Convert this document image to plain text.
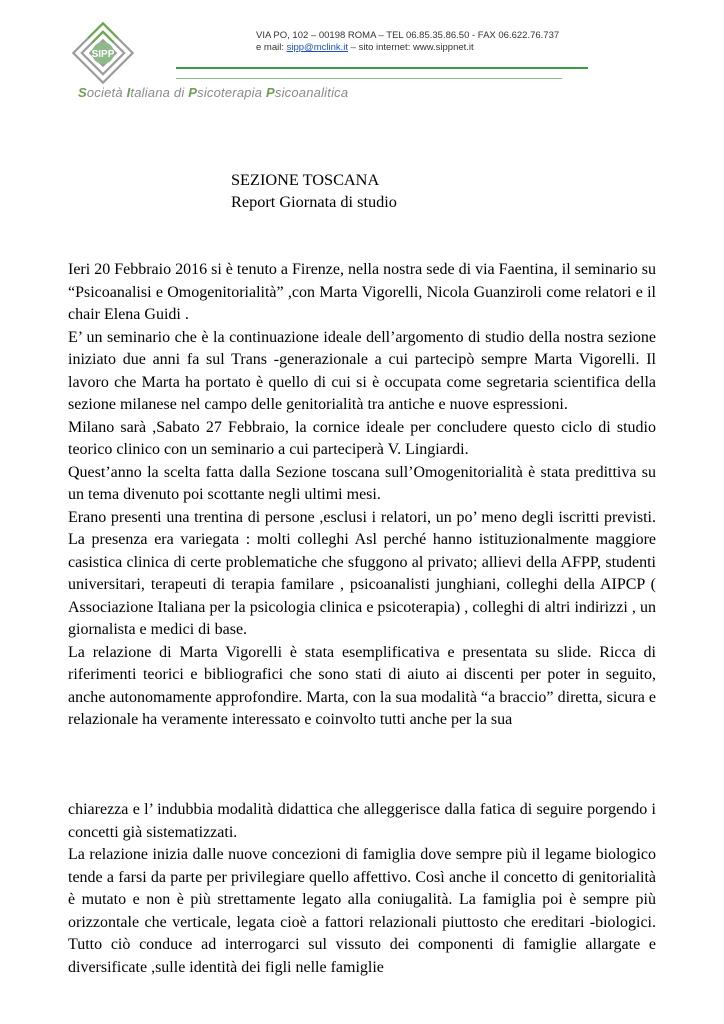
SIPP
VIA PO, 102 – 00198 ROMA – TEL 06.85.35.86.50 - FAX 06.622.76.737
e mail: sipp@mclink.it – sito internet: www.sippnet.it
Società Italiana di Psicoterapia Psicoanalitica
SEZIONE TOSCANA
Report Giornata di studio

Ieri 20 Febbraio 2016 si è tenuto a Firenze, nella nostra sede di via Faentina, il seminario su “Psicoanalisi e Omogenitorialità” ,con Marta Vigorelli, Nicola Guanziroli come relatori e il chair Elena Guidi .

E’ un seminario che è la continuazione ideale dell’argomento di studio della nostra sezione iniziato due anni fa sul Trans -generazionale a cui partecipò sempre Marta Vigorelli. Il lavoro che Marta ha portato è quello di cui si è occupata come segretaria scientifica della sezione milanese nel campo delle genitorialità tra antiche e nuove espressioni.

Milano sarà ,Sabato 27 Febbraio, la cornice ideale per concludere questo ciclo di studio teorico clinico con un seminario a cui parteciperà V. Lingiardi.

Quest’anno la scelta fatta dalla Sezione toscana sull’Omogenitorialità è stata predittiva su un tema divenuto poi scottante negli ultimi mesi.

Erano presenti una trentina di persone ,esclusi i relatori, un po’ meno degli iscritti previsti. La presenza era variegata : molti colleghi Asl perché hanno istituzionalmente maggiore casistica clinica di certe problematiche che sfuggono al privato; allievi della AFPP, studenti universitari, terapeuti di terapia familare , psicoanalisti junghiani, colleghi della AIPCP ( Associazione Italiana per la psicologia clinica e psicoterapia) , colleghi di altri indirizzi , un giornalista e medici di base.

La relazione di Marta Vigorelli è stata esemplificativa e presentata su slide. Ricca di riferimenti teorici e bibliografici che sono stati di aiuto ai discenti per poter in seguito, anche autonomamente approfondire. Marta, con la sua modalità “a braccio” diretta, sicura e relazionale ha veramente interessato e coinvolto tutti anche per la sua

chiarezza e l’ indubbia modalità didattica che alleggerisce dalla fatica di seguire porgendo i concetti già sistematizzati.

La relazione inizia dalle nuove concezioni di famiglia dove sempre più il legame biologico tende a farsi da parte per privilegiare quello affettivo. Così anche il concetto di genitorialità è mutato e non è più strettamente legato alla coniugalità. La famiglia poi è sempre più orizzontale che verticale, legata cioè a fattori relazionali piuttosto che ereditari -biologici. Tutto ciò conduce ad interrogarci sul vissuto dei componenti di famiglie allargate e diversificate ,sulle identità dei figli nelle famiglie
